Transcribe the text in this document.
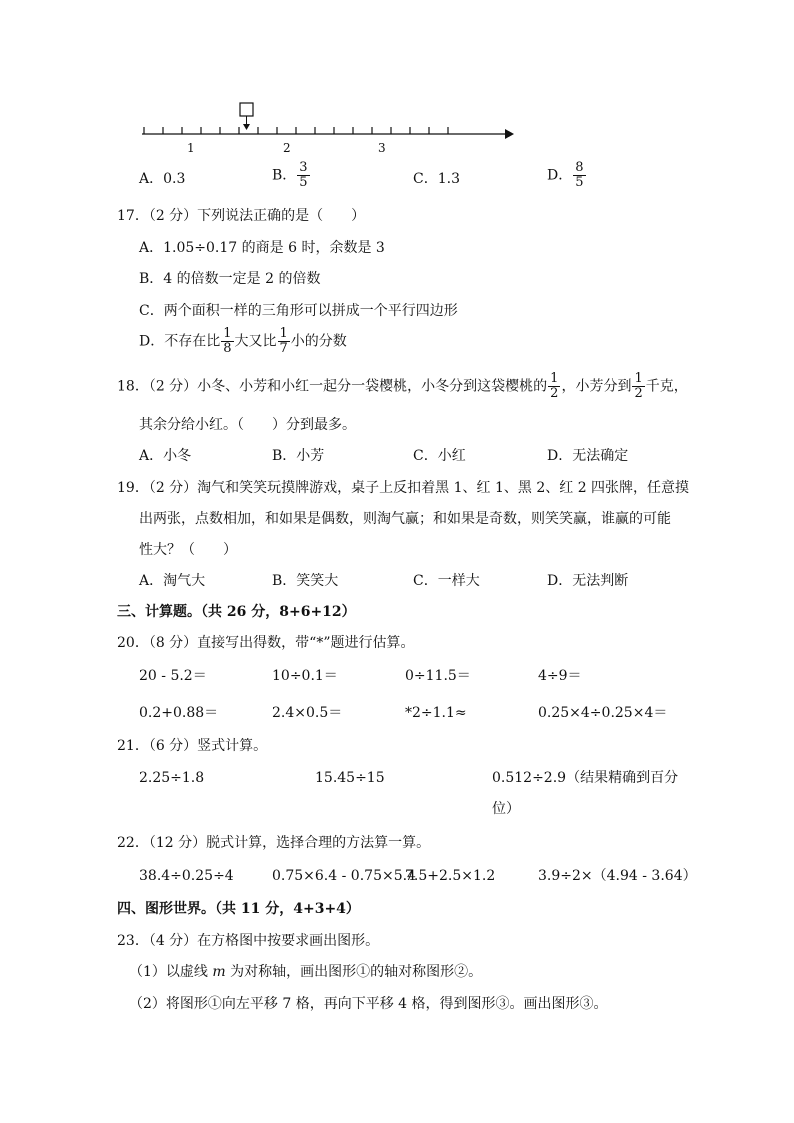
1	2	3
A．0.3	B． $\frac{3}{5}$	C．1.3	D． $\frac{8}{5}$
17．（2 分）下列说法正确的是（　　）
A．1.05÷0.17 的商是 6 时，余数是 3
B．4 的倍数一定是 2 的倍数
C．两个面积一样的三角形可以拼成一个平行四边形
D．不存在比 $\frac{1}{8}$ 大又比 $\frac{1}{7}$ 小的分数
18．（2 分）小冬、小芳和小红一起分一袋樱桃，小冬分到这袋樱桃的 $\frac{1}{2}$ ，小芳分到 $\frac{1}{2}$ 千克，
其余分给小红。（　　）分到最多。
A．小冬	B．小芳	C．小红	D．无法确定
19．（2 分）淘气和笑笑玩摸牌游戏，桌子上反扣着黑 1、红 1、黑 2、红 2 四张牌，任意摸
出两张，点数相加，和如果是偶数，则淘气赢；和如果是奇数，则笑笑赢，谁赢的可能
性大？（　　）
A．淘气大	B．笑笑大	C．一样大	D．无法判断
三、计算题。（共 26 分，8+6+12）
20．（8 分）直接写出得数，带“*”题进行估算。
20 - 5.2＝	10÷0.1＝	0÷11.5＝	4÷9＝
0.2+0.88＝	2.4×0.5＝	*2÷1.1≈	0.25×4÷0.25×4＝
21．（6 分）竖式计算。
2.25÷1.8	15.45÷15	0.512÷2.9（结果精确到百分
位）
22．（12 分）脱式计算，选择合理的方法算一算。
38.4÷0.25÷4	0.75×6.4 - 0.75×5.4
7.5+2.5×1.2	3.9÷2×（4.94 - 3.64）
四、图形世界。（共 11 分，4+3+4）
23．（4 分）在方格图中按要求画出图形。
（1）以虚线 m 为对称轴，画出图形①的轴对称图形②。
（2）将图形①向左平移 7 格，再向下平移 4 格，得到图形③。画出图形③。
